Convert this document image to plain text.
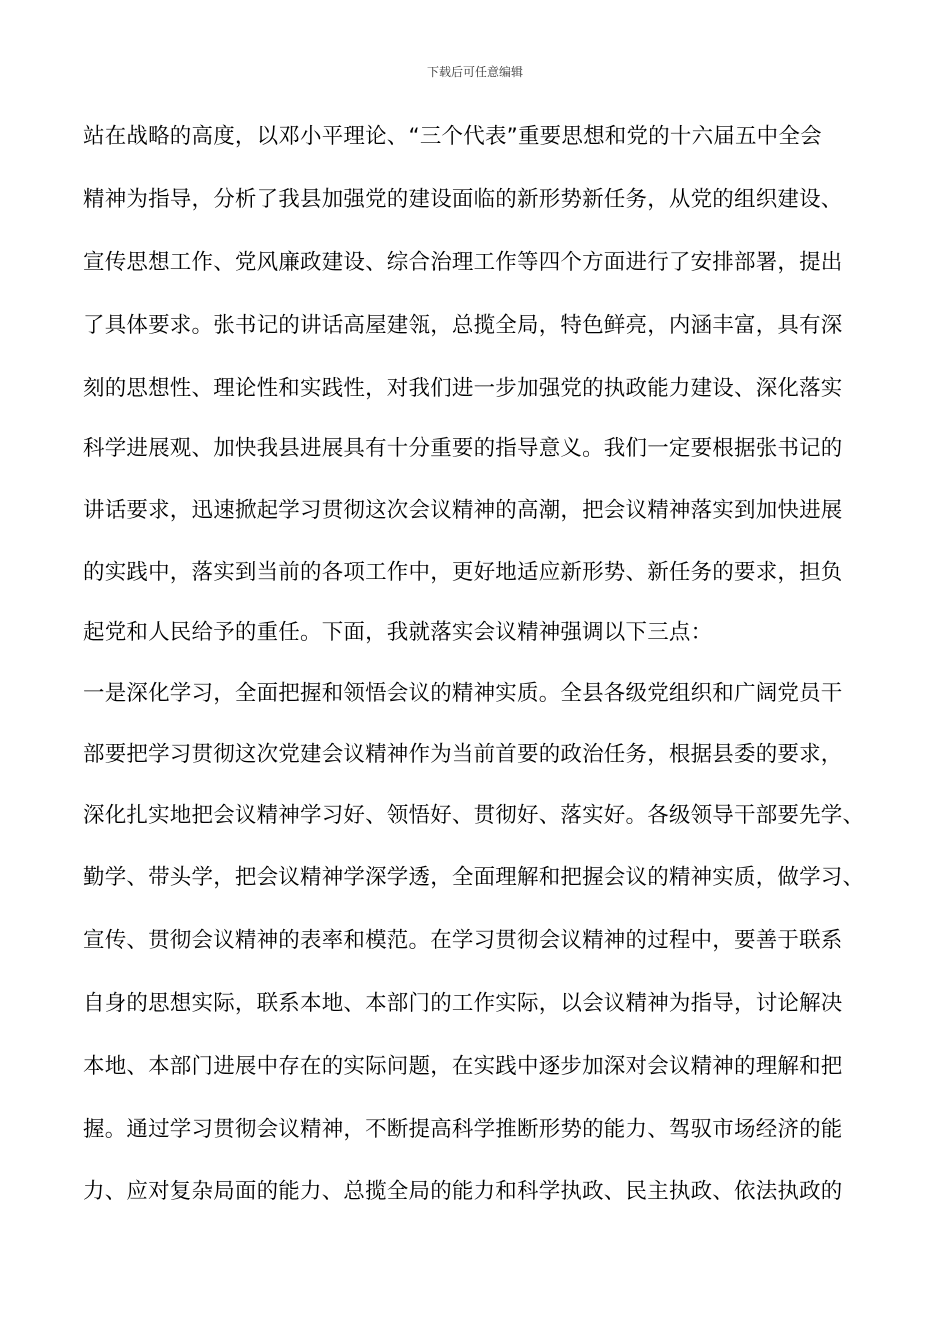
下载后可任意编辑
站在战略的高度，以邓小平理论、“三个代表”重要思想和党的十六届五中全会
精神为指导，分析了我县加强党的建设面临的新形势新任务，从党的组织建设、
宣传思想工作、党风廉政建设、综合治理工作等四个方面进行了安排部署，提出
了具体要求。张书记的讲话高屋建瓴，总揽全局，特色鲜亮，内涵丰富，具有深
刻的思想性、理论性和实践性，对我们进一步加强党的执政能力建设、深化落实
科学进展观、加快我县进展具有十分重要的指导意义。我们一定要根据张书记的
讲话要求，迅速掀起学习贯彻这次会议精神的高潮，把会议精神落实到加快进展
的实践中，落实到当前的各项工作中，更好地适应新形势、新任务的要求，担负
起党和人民给予的重任。下面，我就落实会议精神强调以下三点：
一是深化学习，全面把握和领悟会议的精神实质。全县各级党组织和广阔党员干
部要把学习贯彻这次党建会议精神作为当前首要的政治任务，根据县委的要求，
深化扎实地把会议精神学习好、领悟好、贯彻好、落实好。各级领导干部要先学、
勤学、带头学，把会议精神学深学透，全面理解和把握会议的精神实质，做学习、
宣传、贯彻会议精神的表率和模范。在学习贯彻会议精神的过程中，要善于联系
自身的思想实际，联系本地、本部门的工作实际，以会议精神为指导，讨论解决
本地、本部门进展中存在的实际问题，在实践中逐步加深对会议精神的理解和把
握。通过学习贯彻会议精神，不断提高科学推断形势的能力、驾驭市场经济的能
力、应对复杂局面的能力、总揽全局的能力和科学执政、民主执政、依法执政的
